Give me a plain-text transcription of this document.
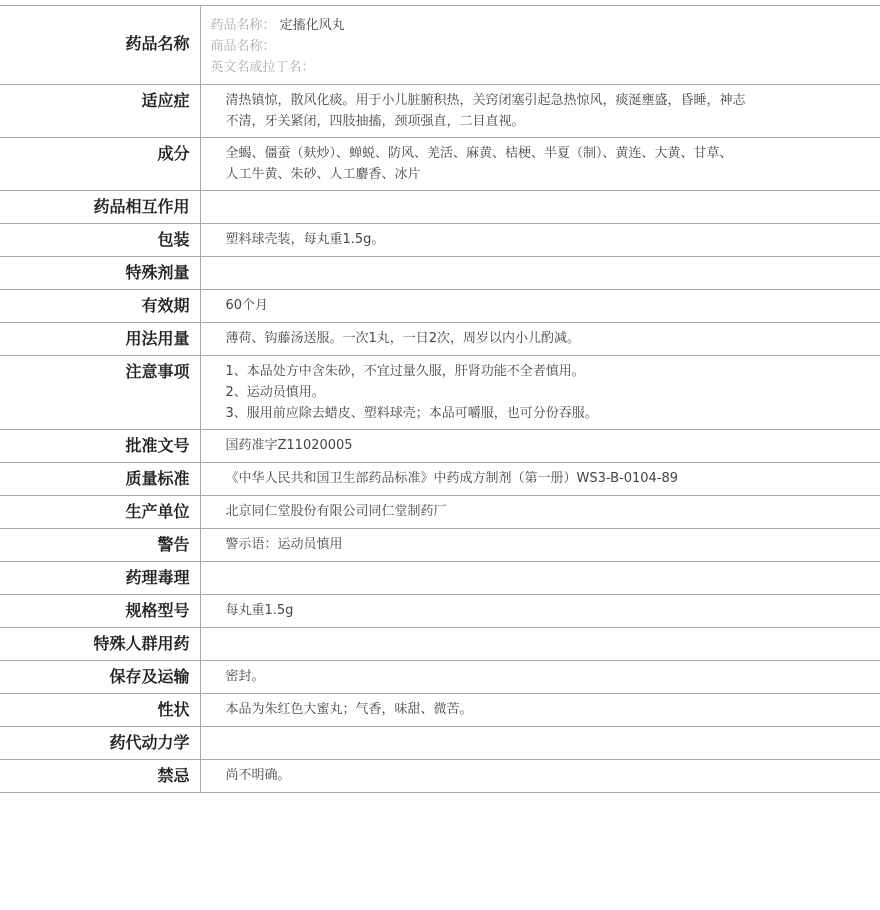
药品名称	药品名称： 定搐化风丸
商品名称：
英文名或拉丁名：

适应症	清热镇惊，散风化痰。用于小儿脏腑积热，关窍闭塞引起急热惊风，痰涎壅盛，昏睡，神志
不清，牙关紧闭，四肢抽搐，颈项强直，二目直视。

成分	全蝎、僵蚕（麸炒）、蝉蜕、防风、羌活、麻黄、桔梗、半夏（制）、黄连、大黄、甘草、
人工牛黄、朱砂、人工麝香、冰片

药品相互作用	

包装	塑料球壳装，每丸重1.5g。

特殊剂量	

有效期	60个月

用法用量	薄荷、钩藤汤送服。一次1丸，一日2次，周岁以内小儿酌减。

注意事项	1、本品处方中含朱砂，不宜过量久服，肝肾功能不全者慎用。
2、运动员慎用。
3、服用前应除去蜡皮、塑料球壳；本品可嚼服，也可分份吞服。

批准文号	国药准字Z11020005

质量标准	《中华人民共和国卫生部药品标准》中药成方制剂（第一册）WS3-B-0104-89

生产单位	北京同仁堂股份有限公司同仁堂制药厂

警告	警示语：运动员慎用

药理毒理	

规格型号	每丸重1.5g

特殊人群用药	

保存及运输	密封。

性状	本品为朱红色大蜜丸；气香，味甜、微苦。

药代动力学	

禁忌	尚不明确。
